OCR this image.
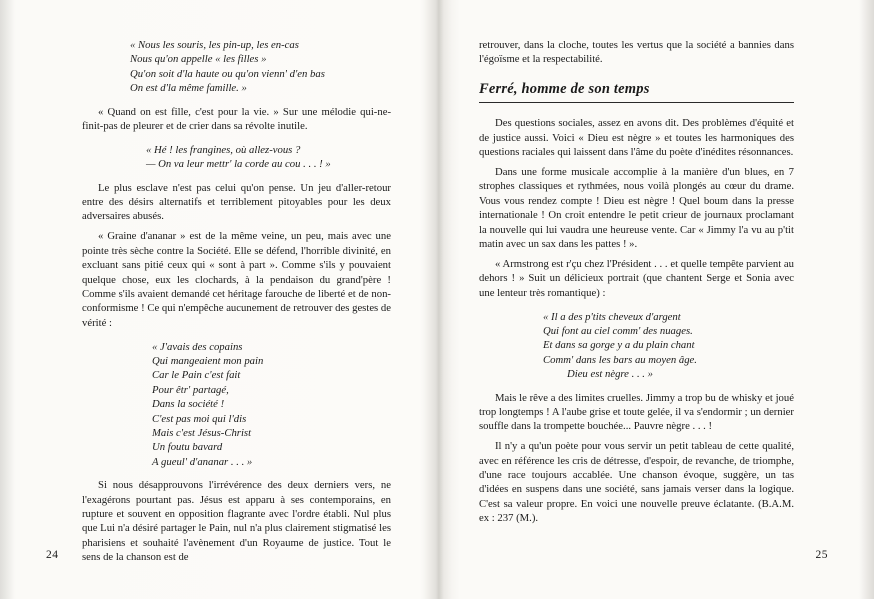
« Nous les souris, les pin-up, les en-cas
Nous qu'on appelle « les filles »
Qu'on soit d'la haute ou qu'on vienn' d'en bas
On est d'la même famille. »

« Quand on est fille, c'est pour la vie. » Sur une mélodie qui-ne-finit-pas de pleurer et de crier dans sa révolte inutile.

« Hé ! les frangines, où allez-vous ?
— On va leur mettr' la corde au cou . . . ! »

Le plus esclave n'est pas celui qu'on pense. Un jeu d'aller-retour entre des désirs alternatifs et terriblement pitoyables pour les deux adversaires abusés.

« Graine d'ananar » est de la même veine, un peu, mais avec une pointe très sèche contre la Société. Elle se défend, l'horrible divinité, en excluant sans pitié ceux qui « sont à part ». Comme s'ils y pouvaient quelque chose, eux les clochards, à la pendaison du grand'père ! Comme s'ils avaient demandé cet héritage farouche de liberté et de non-conformisme ! Ce qui n'empêche aucunement de retrouver des gestes de vérité :

« J'avais des copains
Qui mangeaient mon pain
Car le Pain c'est fait
Pour êtr' partagé,
Dans la société !
C'est pas moi qui l'dis
Mais c'est Jésus-Christ
Un foutu bavard
A gueul' d'ananar . . . »

Si nous désapprouvons l'irrévérence des deux derniers vers, ne l'exagérons pourtant pas. Jésus est apparu à ses contemporains, en rupture et souvent en opposition flagrante avec l'ordre établi. Nul plus que Lui n'a désiré partager le Pain, nul n'a plus clairement stigmatisé les pharisiens et souhaité l'avènement d'un Royaume de justice. Tout le sens de la chanson est de

24

retrouver, dans la cloche, toutes les vertus que la société a bannies dans l'égoïsme et la respectabilité.

Ferré, homme de son temps

Des questions sociales, assez en avons dit. Des problèmes d'équité et de justice aussi. Voici « Dieu est nègre » et toutes les harmoniques des questions raciales qui laissent dans l'âme du poète d'inédites résonnances.

Dans une forme musicale accomplie à la manière d'un blues, en 7 strophes classiques et rythmées, nous voilà plongés au cœur du drame. Vous vous rendez compte ! Dieu est nègre ! Quel boum dans la presse internationale ! On croit entendre le petit crieur de journaux proclamant la nouvelle qui lui vaudra une heureuse vente. Car « Jimmy l'a vu au p'tit matin avec un sax dans les pattes ! ».

« Armstrong est r'çu chez l'Président . . . et quelle tempête parvient au dehors ! » Suit un délicieux portrait (que chantent Serge et Sonia avec une lenteur très romantique) :

« Il a des p'tits cheveux d'argent
Qui font au ciel comm' des nuages.
Et dans sa gorge y a du plain chant
Comm' dans les bars au moyen âge.
Dieu est nègre . . . »

Mais le rêve a des limites cruelles. Jimmy a trop bu de whisky et joué trop longtemps ! A l'aube grise et toute gelée, il va s'endormir ; un dernier souffle dans la trompette bouchée... Pauvre nègre . . . !

Il n'y a qu'un poète pour vous servir un petit tableau de cette qualité, avec en référence les cris de détresse, d'espoir, de revanche, de triomphe, d'une race toujours accablée. Une chanson évoque, suggère, un tas d'idées en suspens dans une société, sans jamais verser dans la logique. C'est sa valeur propre. En voici une nouvelle preuve éclatante. (B.A.M. ex : 237 (M.).

25
